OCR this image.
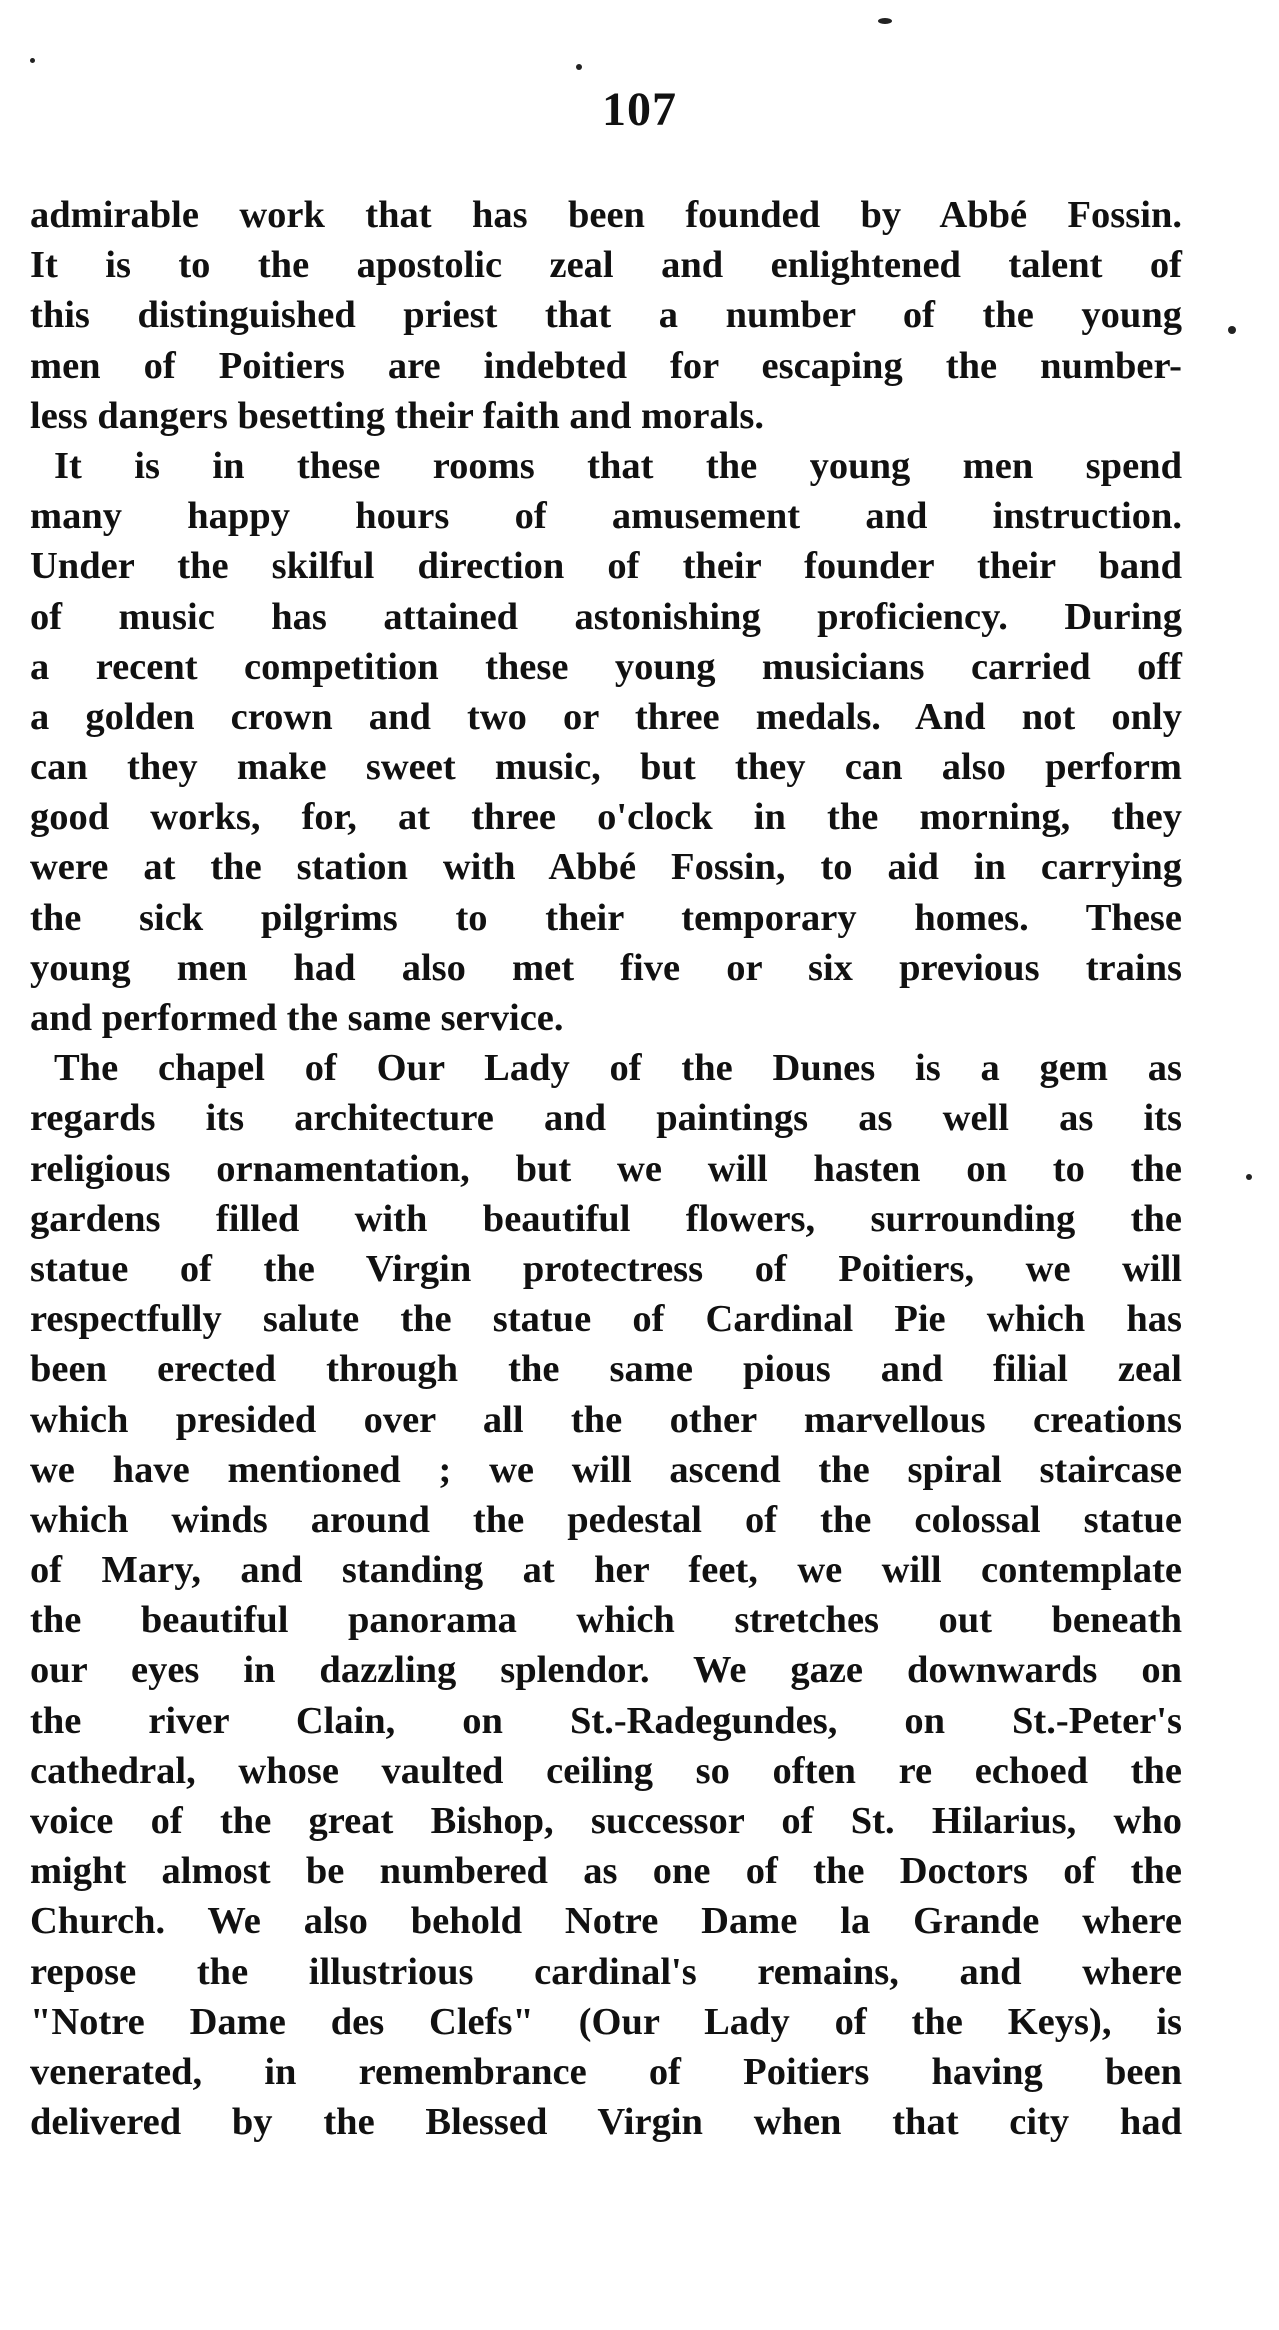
107
admirable work that has been founded by Abbé Fossin.
It is to the apostolic zeal and enlightened talent of
this distinguished priest that a number of the young
men of Poitiers are indebted for escaping the number-
less dangers besetting their faith and morals.
It is in these rooms that the young men spend
many happy hours of amusement and instruction.
Under the skilful direction of their founder their band
of music has attained astonishing proficiency. During
a recent competition these young musicians carried off
a golden crown and two or three medals. And not only
can they make sweet music, but they can also perform
good works, for, at three o'clock in the morning, they
were at the station with Abbé Fossin, to aid in carrying
the sick pilgrims to their temporary homes. These
young men had also met five or six previous trains
and performed the same service.
The chapel of Our Lady of the Dunes is a gem as
regards its architecture and paintings as well as its
religious ornamentation, but we will hasten on to the
gardens filled with beautiful flowers, surrounding the
statue of the Virgin protectress of Poitiers, we will
respectfully salute the statue of Cardinal Pie which has
been erected through the same pious and filial zeal
which presided over all the other marvellous creations
we have mentioned ; we will ascend the spiral staircase
which winds around the pedestal of the colossal statue
of Mary, and standing at her feet, we will contemplate
the beautiful panorama which stretches out beneath
our eyes in dazzling splendor. We gaze downwards on
the river Clain, on St.-Radegundes, on St.-Peter's
cathedral, whose vaulted ceiling so often re echoed the
voice of the great Bishop, successor of St. Hilarius, who
might almost be numbered as one of the Doctors of the
Church. We also behold Notre Dame la Grande where
repose the illustrious cardinal's remains, and where
"Notre Dame des Clefs" (Our Lady of the Keys), is
venerated, in remembrance of Poitiers having been
delivered by the Blessed Virgin when that city had
